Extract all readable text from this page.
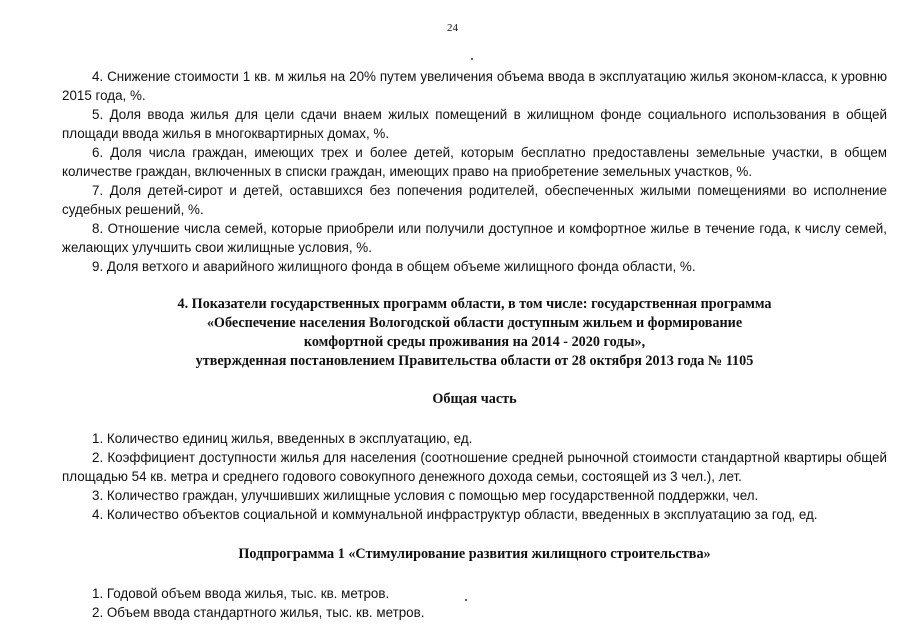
24

4. Снижение стоимости 1 кв. м жилья на 20% путем увеличения объема ввода в эксплуатацию жилья эконом-класса, к уровню 2015 года, %.

5. Доля ввода жилья для цели сдачи внаем жилых помещений в жилищном фонде социального использования в общей площади ввода жилья в многоквартирных домах, %.

6. Доля числа граждан, имеющих трех и более детей, которым бесплатно предоставлены земельные участки, в общем количестве граждан, включенных в списки граждан, имеющих право на приобретение земельных участков, %.

7. Доля детей-сирот и детей, оставшихся без попечения родителей, обеспеченных жилыми помещениями во исполнение судебных решений, %.

8. Отношение числа семей, которые приобрели или получили доступное и комфортное жилье в течение года, к числу семей, желающих улучшить свои жилищные условия, %.

9. Доля ветхого и аварийного жилищного фонда в общем объеме жилищного фонда области, %.

4. Показатели государственных программ области, в том числе: государственная программа

«Обеспечение населения Вологодской области доступным жильем и формирование

комфортной среды проживания на 2014 - 2020 годы»,

утвержденная постановлением Правительства области от 28 октября 2013 года № 1105

Общая часть

1. Количество единиц жилья, введенных в эксплуатацию, ед.

2. Коэффициент доступности жилья для населения (соотношение средней рыночной стоимости стандартной квартиры общей площадью 54 кв. метра и среднего годового совокупного денежного дохода семьи, состоящей из 3 чел.), лет.

3. Количество граждан, улучшивших жилищные условия с помощью мер государственной поддержки, чел.

4. Количество объектов социальной и коммунальной инфраструктур области, введенных в эксплуатацию за год, ед.

Подпрограмма 1 «Стимулирование развития жилищного строительства»

1. Годовой объем ввода жилья, тыс. кв. метров.

2. Объем ввода стандартного жилья, тыс. кв. метров.
